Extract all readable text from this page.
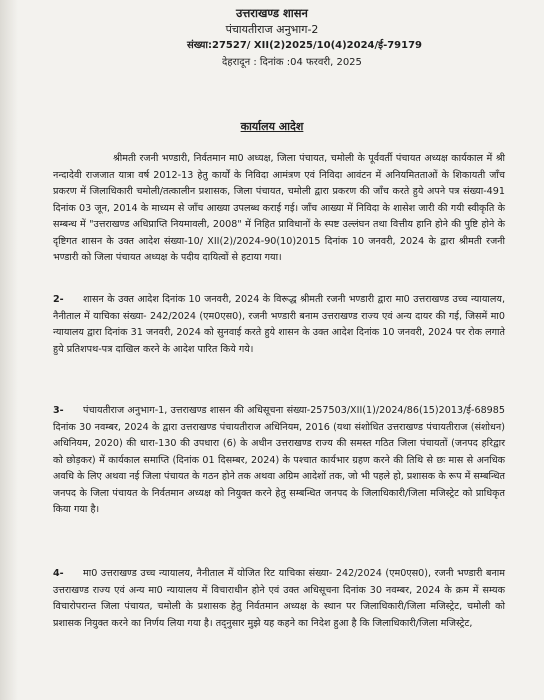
उत्तराखण्ड शासन
पंचायतीराज अनुभाग-2
संख्या:27527/ XII(2)2025/10(4)2024/ई-79179
देहरादून : दिनांक :04 फरवरी, 2025
कार्यालय आदेश
श्रीमती रजनी भण्डारी, निर्वतमान मा0 अध्यक्ष, जिला पंचायत, चमोली के पूर्ववर्ती पंचायत अध्यक्ष कार्यकाल में श्री नन्दादेवी राजजात यात्रा वर्ष 2012-13 हेतु कार्यों के निविदा आमंत्रण एवं निविदा आवंटन में अनियमितताओं के शिकायती जाँच प्रकरण में जिलाधिकारी चमोली/तत्कालीन प्रशासक, जिला पंचायत, चमोली द्वारा प्रकरण की जाँच करते हुये अपने पत्र संख्या-491 दिनांक 03 जून, 2014 के माध्यम से जाँच आख्या उपलब्ध कराई गई। जाँच आख्या में निविदा के शासेश जारी की गयी स्वीकृति के सम्बन्ध में "उत्तराखण्ड अधिप्राप्ति नियमावली, 2008" में निहित प्राविधानों के स्पष्ट उल्लंघन तथा वित्तीय हानि होने की पुष्टि होने के दृष्टिगत शासन के उक्त आदेश संख्या-10/ XII(2)/2024-90(10)2015 दिनांक 10 जनवरी, 2024 के द्वारा श्रीमती रजनी भण्डारी को जिला पंचायत अध्यक्ष के पदीय दायित्वों से हटाया गया।
2- शासन के उक्त आदेश दिनांक 10 जनवरी, 2024 के विरूद्ध श्रीमती रजनी भण्डारी द्वारा मा0 उत्तराखण्ड उच्च न्यायालय, नैनीताल में याचिका संख्या- 242/2024 (एम0एस0), रजनी भण्डारी बनाम उत्तराखण्ड राज्य एवं अन्य दायर की गई, जिसमें मा0 न्यायालय द्वारा दिनांक 31 जनवरी, 2024 को सुनवाई करते हुये शासन के उक्त आदेश दिनांक 10 जनवरी, 2024 पर रोक लगाते हुये प्रतिशपथ-पत्र दाखिल करने के आदेश पारित किये गये।
3- पंचायतीराज अनुभाग-1, उत्तराखण्ड शासन की अधिसूचना संख्या-257503/XII(1)/2024/86(15)2013/ई-68985 दिनांक 30 नवम्बर, 2024 के द्वारा उत्तराखण्ड पंचायतीराज अधिनियम, 2016 (यथा संशोधित उत्तराखण्ड पंचायतीराज (संशोधन) अधिनियम, 2020) की धारा-130 की उपधारा (6) के अधीन उत्तराखण्ड राज्य की समस्त गठित जिला पंचायतों (जनपद हरिद्वार को छोड़कर) में कार्यकाल समाप्ति (दिनांक 01 दिसम्बर, 2024) के पश्चात कार्यभार ग्रहण करने की तिथि से छः मास से अनधिक अवधि के लिए अथवा नई जिला पंचायत के गठन होने तक अथवा अग्रिम आदेशों तक, जो भी पहले हो, प्रशासक के रूप में सम्बन्धित जनपद के जिला पंचायत के निर्वतमान अध्यक्ष को नियुक्त करने हेतु सम्बन्धित जनपद के जिलाधिकारी/जिला मजिस्ट्रेट को प्राधिकृत किया गया है।
4- मा0 उत्तराखण्ड उच्च न्यायालय, नैनीताल में योजित रिट याचिका संख्या- 242/2024 (एम0एस0), रजनी भण्डारी बनाम उत्तराखण्ड राज्य एवं अन्य मा0 न्यायालय में विचाराधीन होने एवं उक्त अधिसूचना दिनांक 30 नवम्बर, 2024 के क्रम में सम्यक विचारोपरान्त जिला पंचायत, चमोली के प्रशासक हेतु निर्वतमान अध्यक्ष के स्थान पर जिलाधिकारी/जिला मजिस्ट्रेट, चमोली को प्रशासक नियुक्त करने का निर्णय लिया गया है। तद्नुसार मुझे यह कहने का निदेश हुआ है कि जिलाधिकारी/जिला मजिस्ट्रेट,
